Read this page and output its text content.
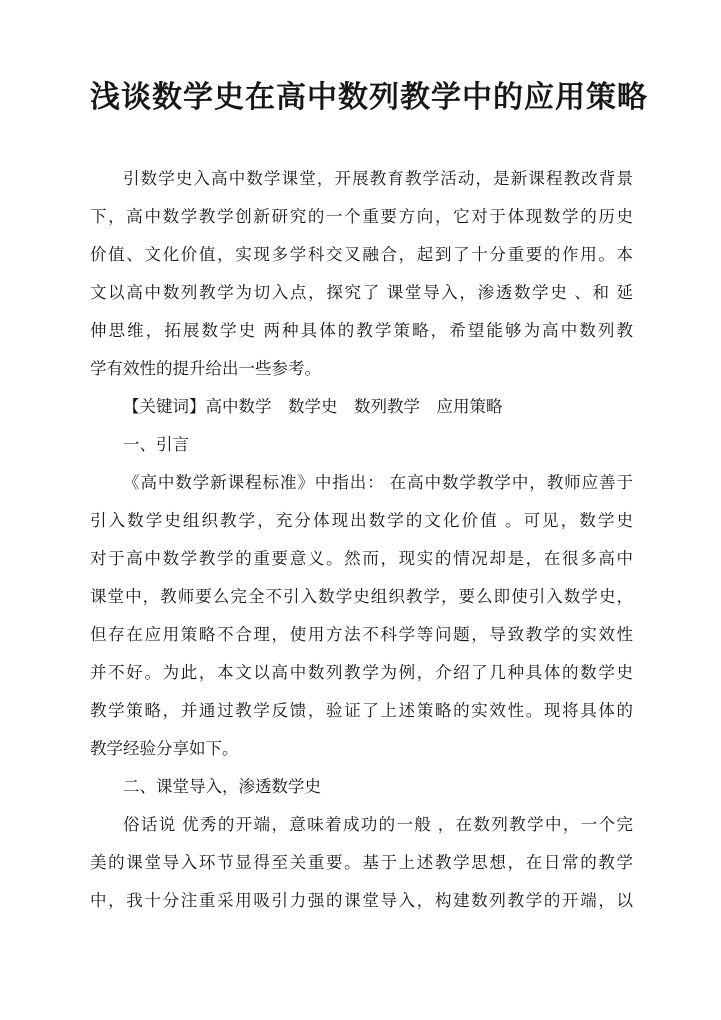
浅谈数学史在高中数列教学中的应用策略
引数学史入高中数学课堂，开展教育教学活动，是新课程教改背景
下，高中数学教学创新研究的一个重要方向，它对于体现数学的历史
价值、文化价值，实现多学科交叉融合，起到了十分重要的作用。本
文以高中数列教学为切入点，探究了 课堂导入，渗透数学史 、和 延
伸思维，拓展数学史 两种具体的教学策略，希望能够为高中数列教
学有效性的提升给出一些参考。
【关键词】高中数学　数学史　数列教学　应用策略
一、引言
《高中数学新课程标准》中指出： 在高中数学教学中，教师应善于
引入数学史组织教学，充分体现出数学的文化价值 。可见，数学史
对于高中数学教学的重要意义。然而，现实的情况却是，在很多高中
课堂中，教师要么完全不引入数学史组织教学，要么即使引入数学史，
但存在应用策略不合理，使用方法不科学等问题，导致教学的实效性
并不好。为此，本文以高中数列教学为例，介绍了几种具体的数学史
教学策略，并通过教学反馈，验证了上述策略的实效性。现将具体的
教学经验分享如下。
二、课堂导入，渗透数学史
俗话说 优秀的开端，意味着成功的一般 ，在数列教学中，一个完
美的课堂导入环节显得至关重要。基于上述教学思想，在日常的教学
中，我十分注重采用吸引力强的课堂导入，构建数列教学的开端，以
